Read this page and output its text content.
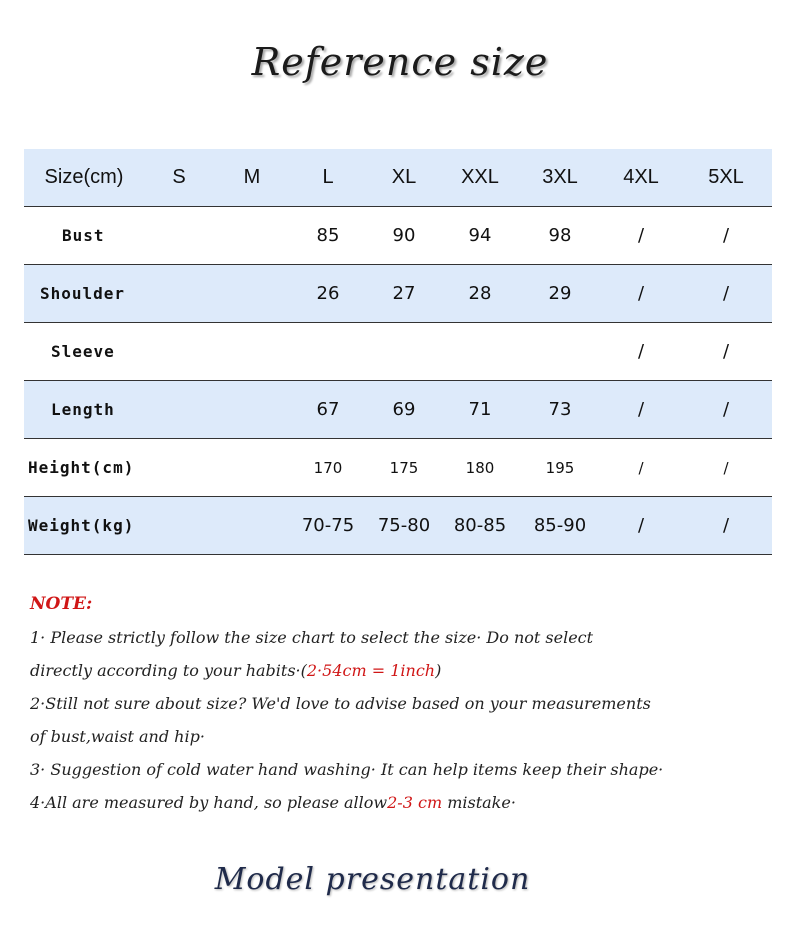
Reference size
Size(cm)	S	M	L	XL	XXL	3XL	4XL	5XL
Bust			85	90	94	98	/	/
Shoulder			26	27	28	29	/	/
Sleeve							/	/
Length			67	69	71	73	/	/
Height(cm)			170	175	180	195	/	/
Weight(kg)			70-75	75-80	80-85	85-90	/	/
NOTE:
1· Please strictly follow the size chart to select the size· Do not select
directly according to your habits·(2·54cm = 1inch)
2·Still not sure about size? We'd love to advise based on your measurements
of bust,waist and hip·
3· Suggestion of cold water hand washing· It can help items keep their shape·
4·All are measured by hand, so please allow2-3 cm mistake·
Model presentation
